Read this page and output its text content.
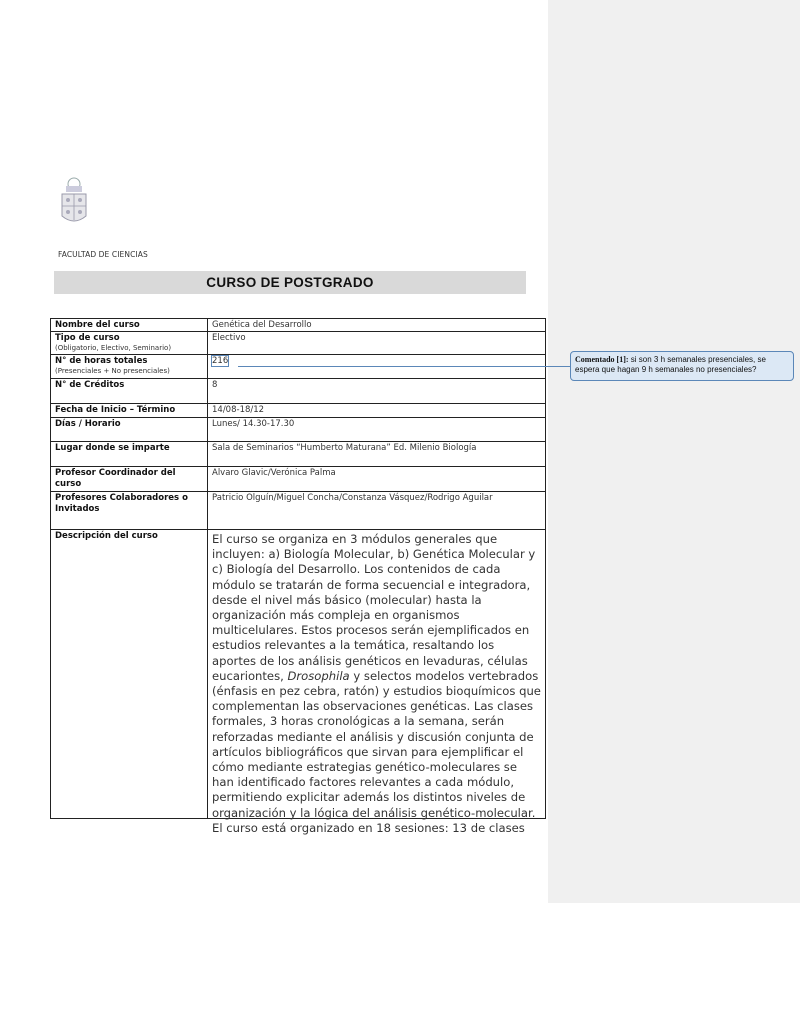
FACULTAD DE CIENCIAS
CURSO DE POSTGRADO
Nombre del curso	Genética del Desarrollo
Tipo de curso
(Obligatorio, Electivo, Seminario)	Electivo
N° de horas totales
(Presenciales + No presenciales)	216
N° de Créditos	8
Fecha de Inicio – Término	14/08-18/12
Días / Horario	Lunes/ 14.30-17.30
Lugar donde se imparte	Sala de Seminarios “Humberto Maturana” Ed. Milenio Biología
Profesor Coordinador del curso	Alvaro Glavic/Verónica Palma
Profesores Colaboradores o Invitados	Patricio Olguín/Miguel Concha/Constanza Vásquez/Rodrigo Aguilar
Descripción del curso	El curso se organiza en 3 módulos generales que incluyen: a) Biología Molecular, b) Genética Molecular y c) Biología del Desarrollo. Los contenidos de cada módulo se tratarán de forma secuencial e integradora, desde el nivel más básico (molecular) hasta la organización más compleja en organismos multicelulares. Estos procesos serán ejemplificados en estudios relevantes a la temática, resaltando los aportes de los análisis genéticos en levaduras, células eucariontes, Drosophila y selectos modelos vertebrados (énfasis en pez cebra, ratón) y estudios bioquímicos que complementan las observaciones genéticas. Las clases formales, 3 horas cronológicas a la semana, serán reforzadas mediante el análisis y discusión conjunta de artículos bibliográficos que sirvan para ejemplificar el cómo mediante estrategias genético-moleculares se han identificado factores relevantes a cada módulo, permitiendo explicitar además los distintos niveles de organización y la lógica del análisis genético-molecular. El curso está organizado en 18 sesiones: 13 de clases
Comentado [1]: si son 3 h semanales presenciales, se espera que hagan 9 h semanales no presenciales?
